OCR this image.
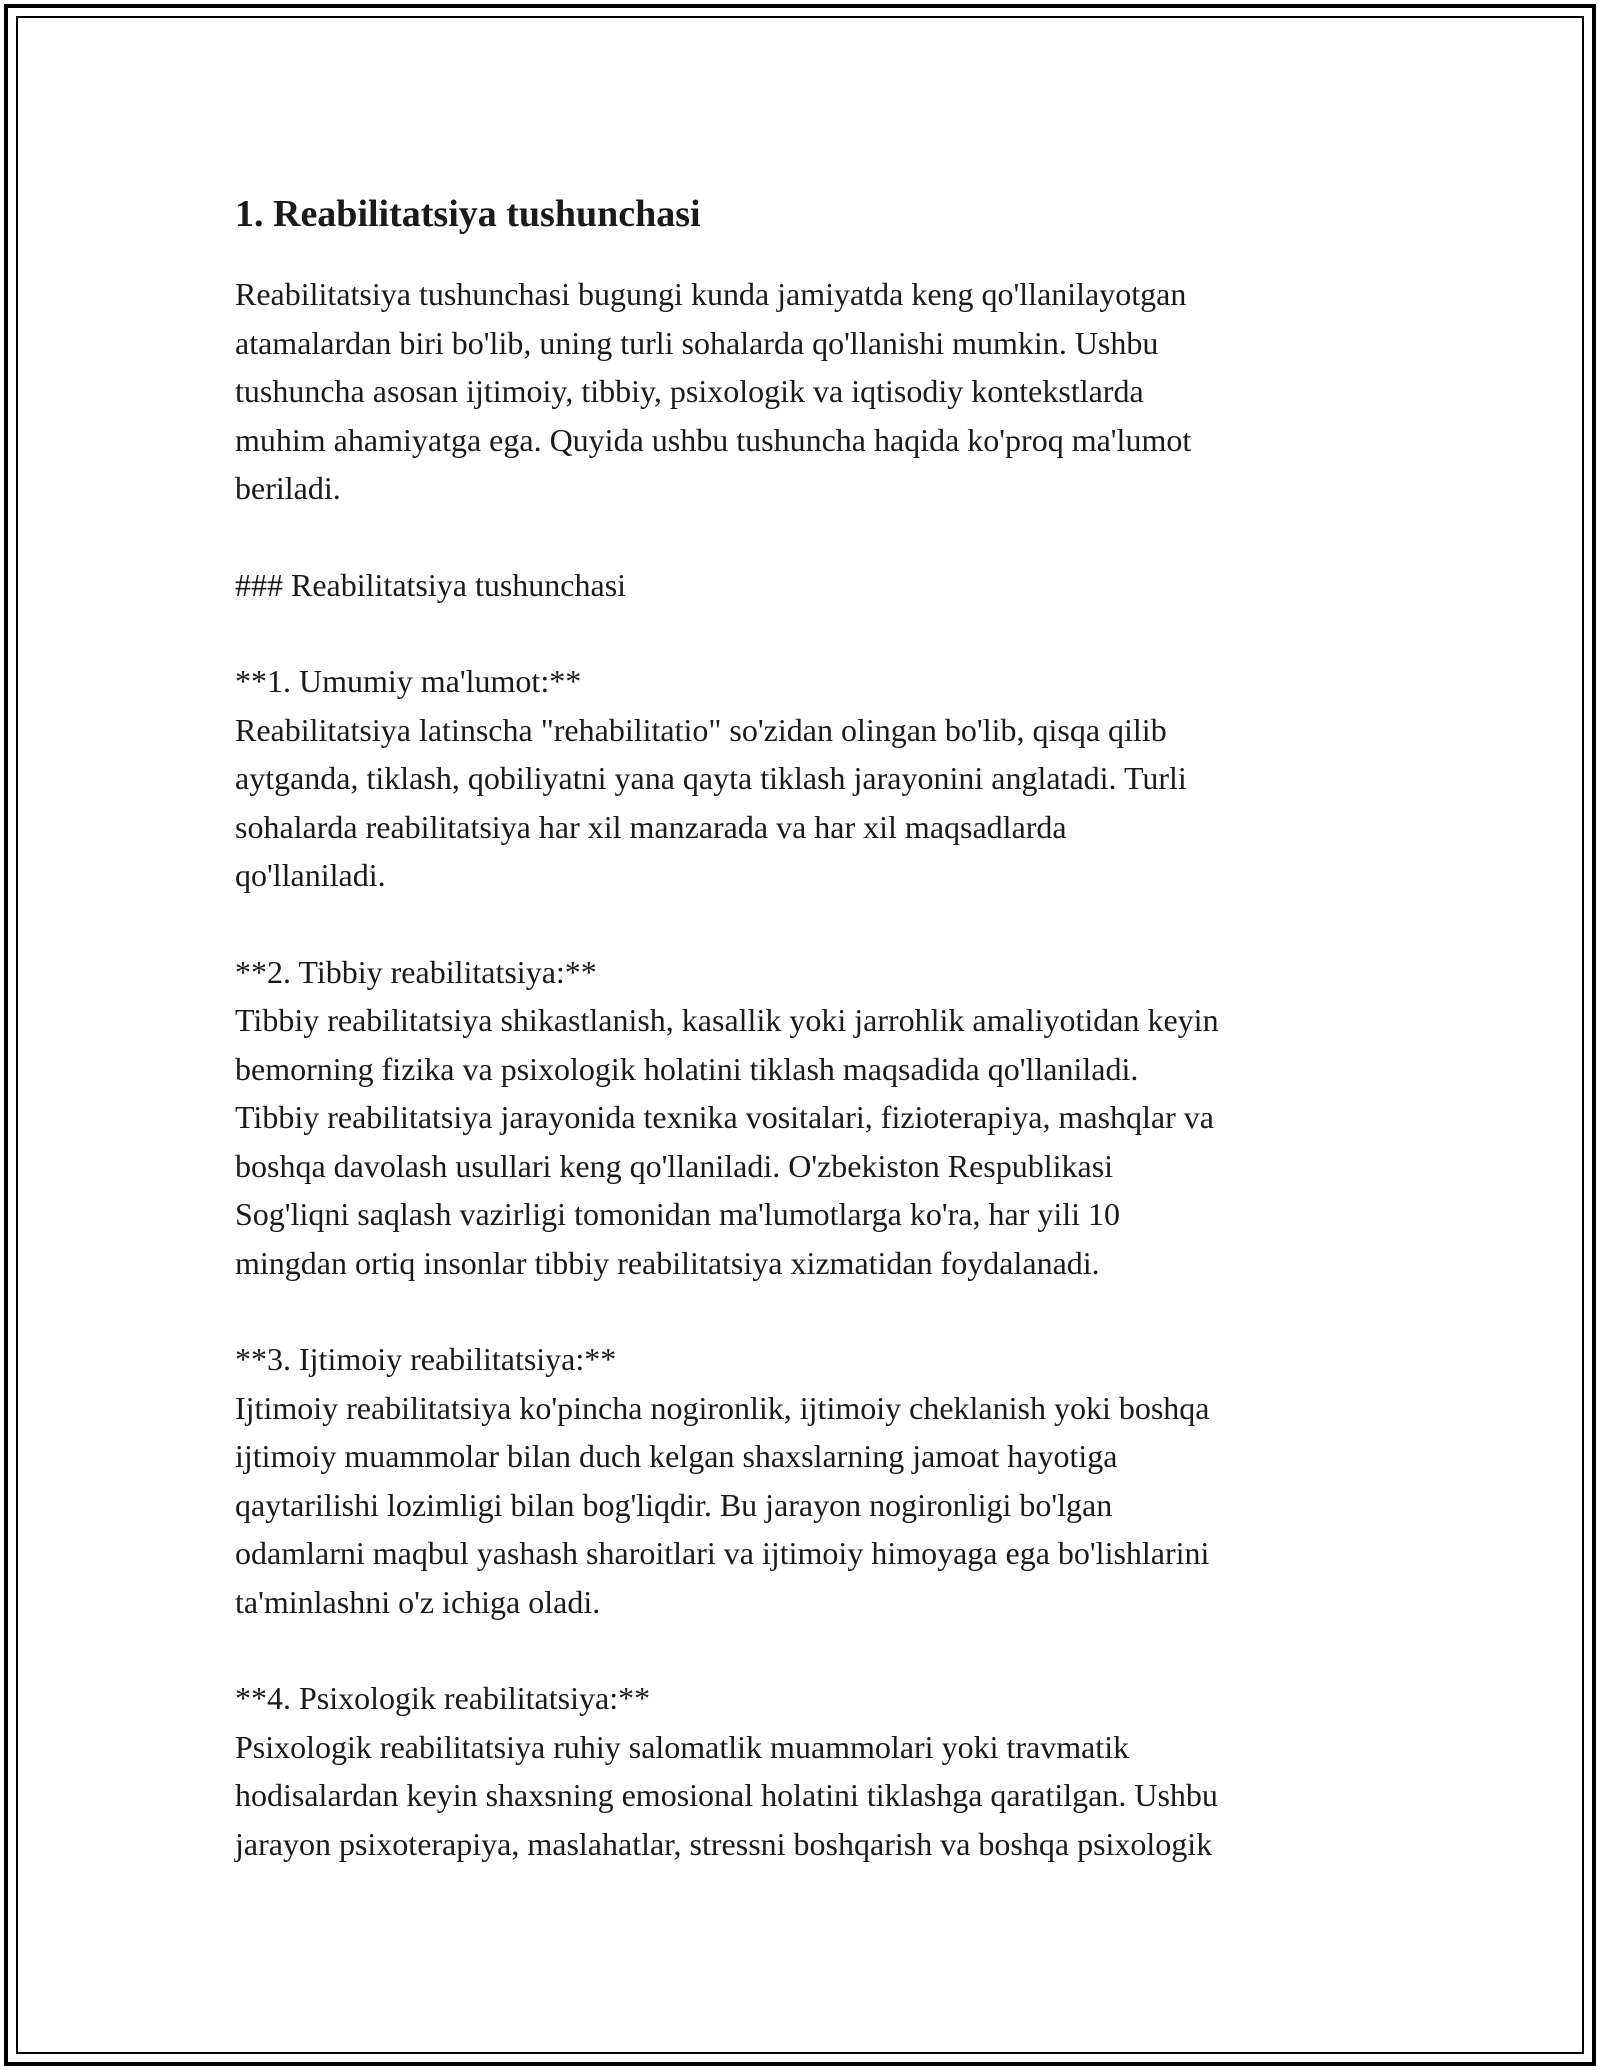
1. Reabilitatsiya tushunchasi

Reabilitatsiya tushunchasi bugungi kunda jamiyatda keng qo'llanilayotgan
atamalardan biri bo'lib, uning turli sohalarda qo'llanishi mumkin. Ushbu
tushuncha asosan ijtimoiy, tibbiy, psixologik va iqtisodiy kontekstlarda
muhim ahamiyatga ega. Quyida ushbu tushuncha haqida ko'proq ma'lumot
beriladi.

### Reabilitatsiya tushunchasi

**1. Umumiy ma'lumot:**
Reabilitatsiya latinscha "rehabilitatio" so'zidan olingan bo'lib, qisqa qilib
aytganda, tiklash, qobiliyatni yana qayta tiklash jarayonini anglatadi. Turli
sohalarda reabilitatsiya har xil manzarada va har xil maqsadlarda
qo'llaniladi.

**2. Tibbiy reabilitatsiya:**
Tibbiy reabilitatsiya shikastlanish, kasallik yoki jarrohlik amaliyotidan keyin
bemorning fizika va psixologik holatini tiklash maqsadida qo'llaniladi.
Tibbiy reabilitatsiya jarayonida texnika vositalari, fizioterapiya, mashqlar va
boshqa davolash usullari keng qo'llaniladi. O'zbekiston Respublikasi
Sog'liqni saqlash vazirligi tomonidan ma'lumotlarga ko'ra, har yili 10
mingdan ortiq insonlar tibbiy reabilitatsiya xizmatidan foydalanadi.

**3. Ijtimoiy reabilitatsiya:**
Ijtimoiy reabilitatsiya ko'pincha nogironlik, ijtimoiy cheklanish yoki boshqa
ijtimoiy muammolar bilan duch kelgan shaxslarning jamoat hayotiga
qaytarilishi lozimligi bilan bog'liqdir. Bu jarayon nogironligi bo'lgan
odamlarni maqbul yashash sharoitlari va ijtimoiy himoyaga ega bo'lishlarini
ta'minlashni o'z ichiga oladi.

**4. Psixologik reabilitatsiya:**
Psixologik reabilitatsiya ruhiy salomatlik muammolari yoki travmatik
hodisalardan keyin shaxsning emosional holatini tiklashga qaratilgan. Ushbu
jarayon psixoterapiya, maslahatlar, stressni boshqarish va boshqa psixologik
